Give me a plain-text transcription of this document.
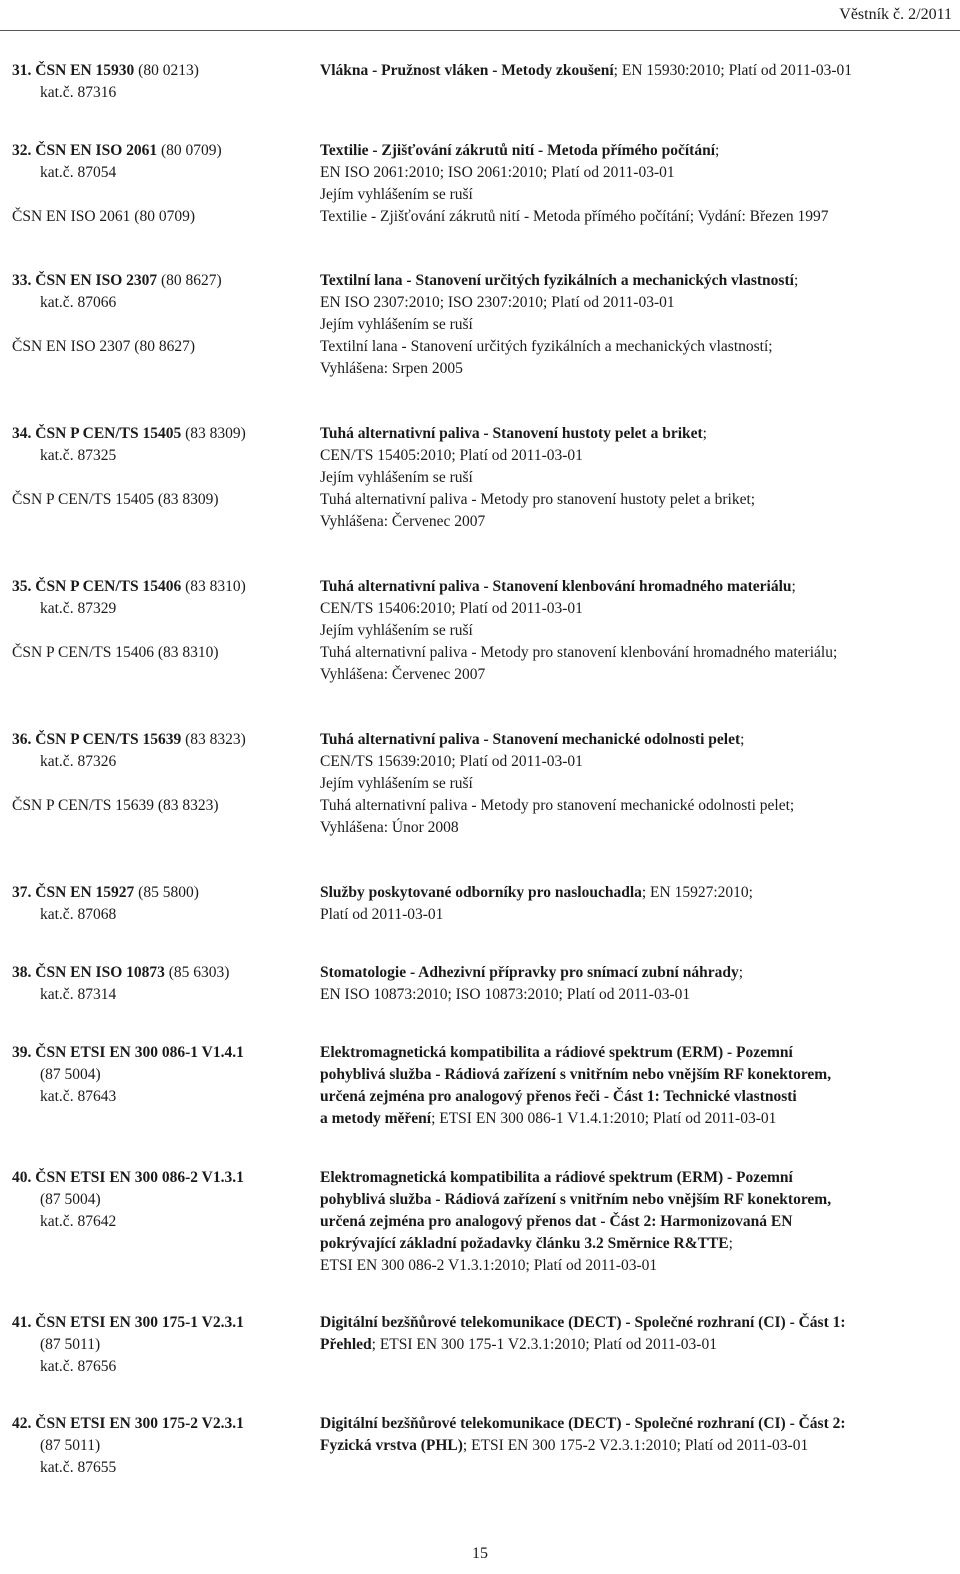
Věstník č. 2/2011
31. ČSN EN 15930 (80 0213)
kat.č. 87316
Vlákna - Pružnost vláken - Metody zkoušení; EN 15930:2010; Platí od 2011-03-01
32. ČSN EN ISO 2061 (80 0709)
kat.č. 87054
ČSN EN ISO 2061 (80 0709)
Textilie - Zjišťování zákrutů nití - Metoda přímého počítání;
EN ISO 2061:2010; ISO 2061:2010; Platí od 2011-03-01
Jejím vyhlášením se ruší
Textilie - Zjišťování zákrutů nití - Metoda přímého počítání; Vydání: Březen 1997
33. ČSN EN ISO 2307 (80 8627)
kat.č. 87066
ČSN EN ISO 2307 (80 8627)
Textilní lana - Stanovení určitých fyzikálních a mechanických vlastností;
EN ISO 2307:2010; ISO 2307:2010; Platí od 2011-03-01
Jejím vyhlášením se ruší
Textilní lana - Stanovení určitých fyzikálních a mechanických vlastností;
Vyhlášena: Srpen 2005
34. ČSN P CEN/TS 15405 (83 8309)
kat.č. 87325
ČSN P CEN/TS 15405 (83 8309)
Tuhá alternativní paliva - Stanovení hustoty pelet a briket;
CEN/TS 15405:2010; Platí od 2011-03-01
Jejím vyhlášením se ruší
Tuhá alternativní paliva - Metody pro stanovení hustoty pelet a briket;
Vyhlášena: Červenec 2007
35. ČSN P CEN/TS 15406 (83 8310)
kat.č. 87329
ČSN P CEN/TS 15406 (83 8310)
Tuhá alternativní paliva - Stanovení klenbování hromadného materiálu;
CEN/TS 15406:2010; Platí od 2011-03-01
Jejím vyhlášením se ruší
Tuhá alternativní paliva - Metody pro stanovení klenbování hromadného materiálu;
Vyhlášena: Červenec 2007
36. ČSN P CEN/TS 15639 (83 8323)
kat.č. 87326
ČSN P CEN/TS 15639 (83 8323)
Tuhá alternativní paliva - Stanovení mechanické odolnosti pelet;
CEN/TS 15639:2010; Platí od 2011-03-01
Jejím vyhlášením se ruší
Tuhá alternativní paliva - Metody pro stanovení mechanické odolnosti pelet;
Vyhlášena: Únor 2008
37. ČSN EN 15927 (85 5800)
kat.č. 87068
Služby poskytované odborníky pro naslouchadla; EN 15927:2010;
Platí od 2011-03-01
38. ČSN EN ISO 10873 (85 6303)
kat.č. 87314
Stomatologie - Adhezivní přípravky pro snímací zubní náhrady;
EN ISO 10873:2010; ISO 10873:2010; Platí od 2011-03-01
39. ČSN ETSI EN 300 086-1 V1.4.1
(87 5004)
kat.č. 87643
Elektromagnetická kompatibilita a rádiové spektrum (ERM) - Pozemní
pohyblivá služba - Rádiová zařízení s vnitřním nebo vnějším RF konektorem,
určená zejména pro analogový přenos řeči - Část 1: Technické vlastnosti
a metody měření; ETSI EN 300 086-1 V1.4.1:2010; Platí od 2011-03-01
40. ČSN ETSI EN 300 086-2 V1.3.1
(87 5004)
kat.č. 87642
Elektromagnetická kompatibilita a rádiové spektrum (ERM) - Pozemní
pohyblivá služba - Rádiová zařízení s vnitřním nebo vnějším RF konektorem,
určená zejména pro analogový přenos dat - Část 2: Harmonizovaná EN
pokrývající základní požadavky článku 3.2 Směrnice R&TTE;
ETSI EN 300 086-2 V1.3.1:2010; Platí od 2011-03-01
41. ČSN ETSI EN 300 175-1 V2.3.1
(87 5011)
kat.č. 87656
Digitální bezšňůrové telekomunikace (DECT) - Společné rozhraní (CI) - Část 1:
Přehled; ETSI EN 300 175-1 V2.3.1:2010; Platí od 2011-03-01
42. ČSN ETSI EN 300 175-2 V2.3.1
(87 5011)
kat.č. 87655
Digitální bezšňůrové telekomunikace (DECT) - Společné rozhraní (CI) - Část 2:
Fyzická vrstva (PHL); ETSI EN 300 175-2 V2.3.1:2010; Platí od 2011-03-01
15
